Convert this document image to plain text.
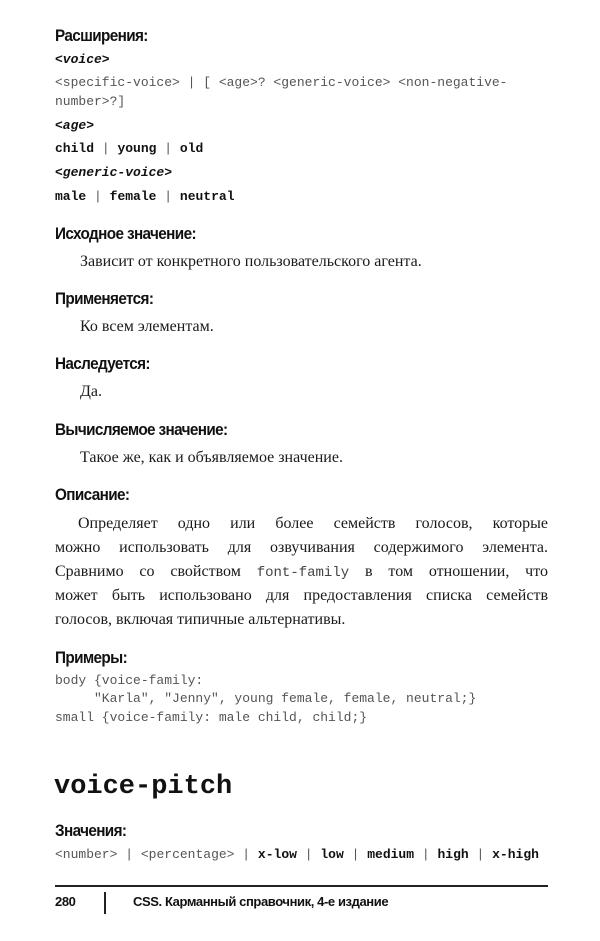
Расширения:
<voice>
<specific-voice> | [ <age>? <generic-voice> <non-negative-
number>?]
<age>
child | young | old
<generic-voice>
male | female | neutral
Исходное значение:
Зависит от конкретного пользовательского агента.
Применяется:
Ко всем элементам.
Наследуется:
Да.
Вычисляемое значение:
Такое же, как и объявляемое значение.
Описание:
Определяет одно или более семейств голосов, которые
можно использовать для озвучивания содержимого элемента.
Сравнимо со свойством font-family в том отношении, что
может быть использовано для предоставления списка семейств
голосов, включая типичные альтернативы.
Примеры:
body {voice-family:
"Karla", "Jenny", young female, female, neutral;}
small {voice-family: male child, child;}
voice-pitch
Значения:
<number> | <percentage> | x-low | low | medium | high | x-high
280	CSS. Карманный справочник, 4-е издание
